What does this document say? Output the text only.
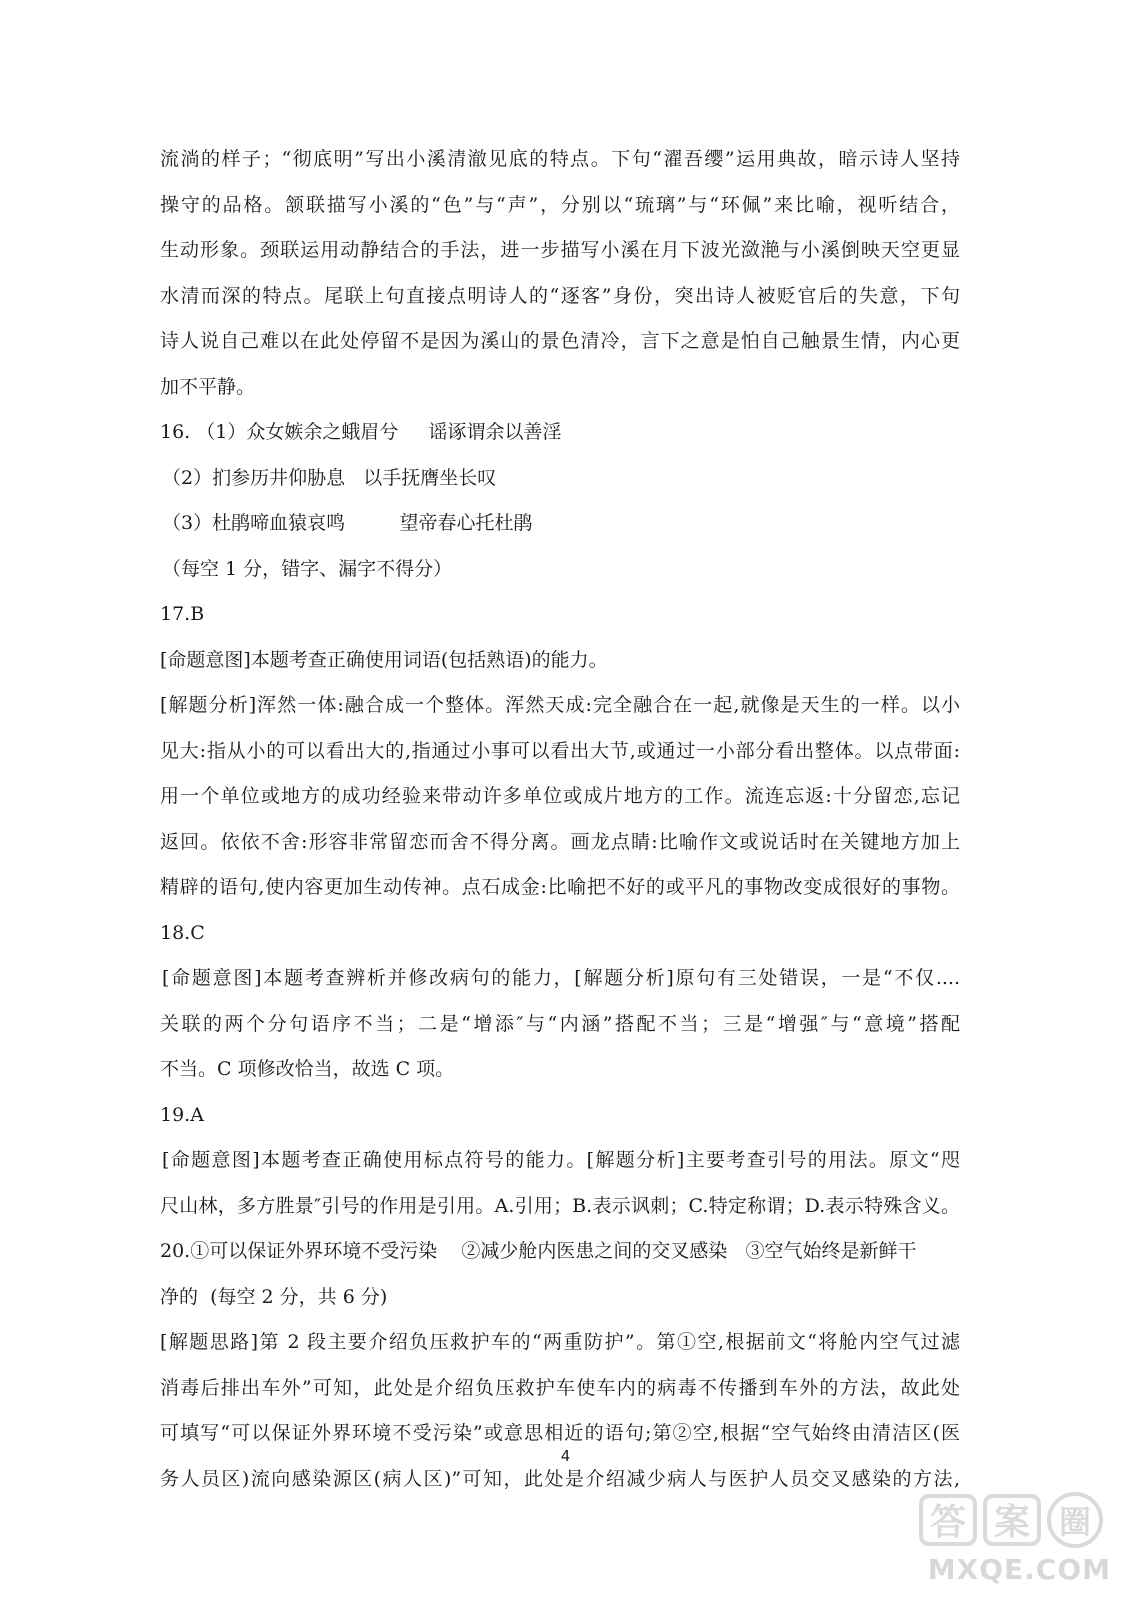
流淌的样子；“彻底明”写出小溪清澈见底的特点。下句“濯吾缨”运用典故，暗示诗人坚持
操守的品格。颔联描写小溪的“色”与“声”，分别以“琉璃”与“环佩”来比喻，视听结合，
生动形象。颈联运用动静结合的手法，进一步描写小溪在月下波光潋滟与小溪倒映天空更显
水清而深的特点。尾联上句直接点明诗人的“逐客”身份，突出诗人被贬官后的失意，下句
诗人说自己难以在此处停留不是因为溪山的景色清冷，言下之意是怕自己触景生情，内心更
加不平静。
16. （1）众女嫉余之蛾眉兮     谣诼谓余以善淫
（2）扪参历井仰胁息   以手抚膺坐长叹
（3）杜鹃啼血猿哀鸣         望帝春心托杜鹃
（每空 1 分，错字、漏字不得分）
17.B
[命题意图]本题考查正确使用词语(包括熟语)的能力。
[解题分析]浑然一体:融合成一个整体。浑然天成:完全融合在一起,就像是天生的一样。以小
见大:指从小的可以看出大的,指通过小事可以看出大节,或通过一小部分看出整体。以点带面:
用一个单位或地方的成功经验来带动许多单位或成片地方的工作。流连忘返:十分留恋,忘记
返回。依依不舍:形容非常留恋而舍不得分离。画龙点睛:比喻作文或说话时在关键地方加上
精辟的语句,使内容更加生动传神。点石成金:比喻把不好的或平凡的事物改变成很好的事物。
18.C
[命题意图]本题考查辨析并修改病句的能力，[解题分析]原句有三处错误，一是“不仅....
关联的两个分句语序不当；二是“增添″与“内涵”搭配不当；三是“增强″与“意境”搭配
不当。C 项修改恰当，故选 C 项。
19.A
[命题意图]本题考查正确使用标点符号的能力。[解题分析]主要考查引号的用法。原文“咫
尺山林，多方胜景″引号的作用是引用。A.引用；B.表示讽刺；C.特定称谓；D.表示特殊含义。
20.①可以保证外界环境不受污染    ②减少舱内医患之间的交叉感染   ③空气始终是新鲜干
净的  (每空 2 分，共 6 分)
[解题思路]第 2 段主要介绍负压救护车的“两重防护”。第①空,根据前文“将舱内空气过滤
消毒后排出车外”可知，此处是介绍负压救护车使车内的病毒不传播到车外的方法，故此处
可填写“可以保证外界环境不受污染”或意思相近的语句;第②空,根据“空气始终由清洁区(医
务人员区)流向感染源区(病人区)”可知，此处是介绍减少病人与医护人员交叉感染的方法,
4
答 案 圈
MXQE.COM
